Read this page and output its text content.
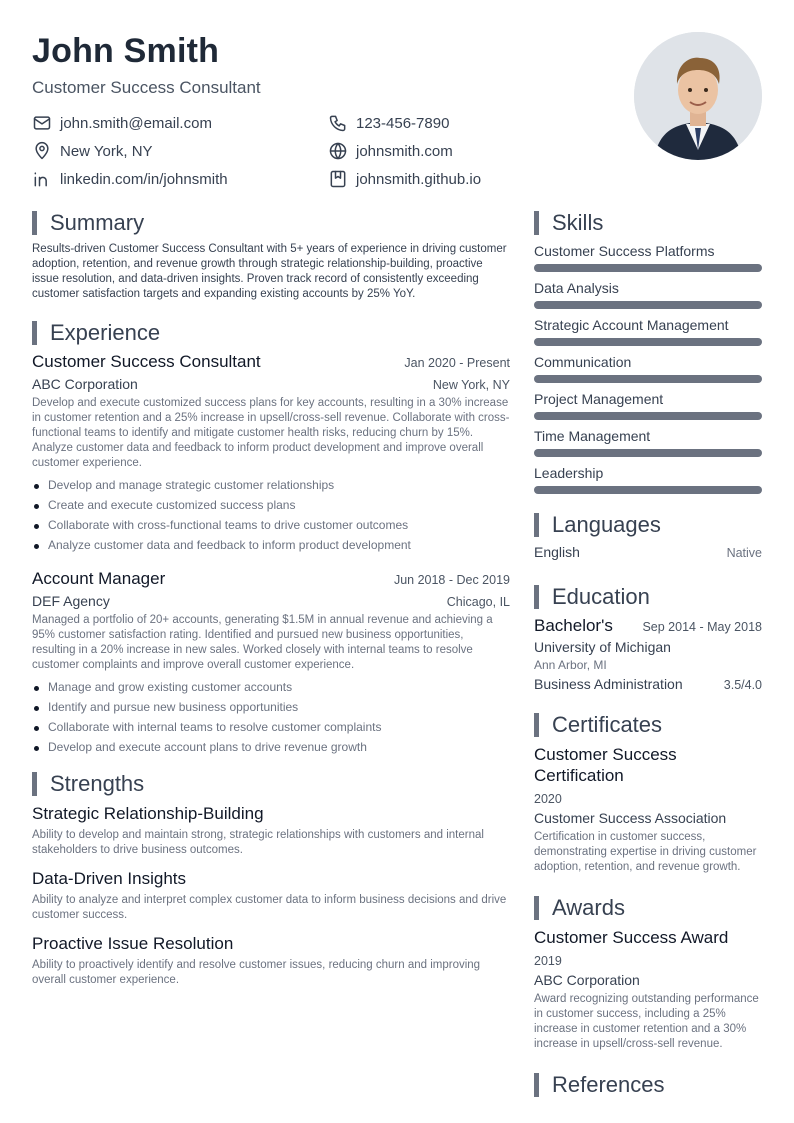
John Smith
Customer Success Consultant
john.smith@email.com	123-456-7890
New York, NY	johnsmith.com
linkedin.com/in/johnsmith	johnsmith.github.io
Summary

Results-driven Customer Success Consultant with 5+ years of experience in driving customer adoption, retention, and revenue growth through strategic relationship-building, proactive issue resolution, and data-driven insights. Proven track record of consistently exceeding customer satisfaction targets and expanding existing accounts by 25% YoY.

Experience
Customer Success Consultant	Jan 2020 - Present
ABC Corporation	New York, NY

Develop and execute customized success plans for key accounts, resulting in a 30% increase in customer retention and a 25% increase in upsell/cross-sell revenue. Collaborate with cross-functional teams to identify and mitigate customer health risks, reducing churn by 15%. Analyze customer data and feedback to inform product development and improve overall customer experience.

Develop and manage strategic customer relationships
Create and execute customized success plans
Collaborate with cross-functional teams to drive customer outcomes
Analyze customer data and feedback to inform product development
Account Manager	Jun 2018 - Dec 2019
DEF Agency	Chicago, IL

Managed a portfolio of 20+ accounts, generating $1.5M in annual revenue and achieving a 95% customer satisfaction rating. Identified and pursued new business opportunities, resulting in a 20% increase in new sales. Worked closely with internal teams to resolve customer complaints and improve overall customer experience.

Manage and grow existing customer accounts
Identify and pursue new business opportunities
Collaborate with internal teams to resolve customer complaints
Develop and execute account plans to drive revenue growth
Strengths
Strategic Relationship-Building

Ability to develop and maintain strong, strategic relationships with customers and internal stakeholders to drive business outcomes.

Data-Driven Insights

Ability to analyze and interpret complex customer data to inform business decisions and drive customer success.

Proactive Issue Resolution

Ability to proactively identify and resolve customer issues, reducing churn and improving overall customer experience.

Skills
Customer Success Platforms
Data Analysis
Strategic Account Management
Communication
Project Management
Time Management
Leadership
Languages
English	Native
Education
Bachelor's Sep 2014 - May 2018
University of Michigan
Ann Arbor, MI
Business Administration	3.5/4.0
Certificates
Customer Success Certification
2020
Customer Success Association

Certification in customer success, demonstrating expertise in driving customer adoption, retention, and revenue growth.

Awards
Customer Success Award
2019
ABC Corporation

Award recognizing outstanding performance in customer success, including a 25% increase in customer retention and a 30% increase in upsell/cross-sell revenue.

References
